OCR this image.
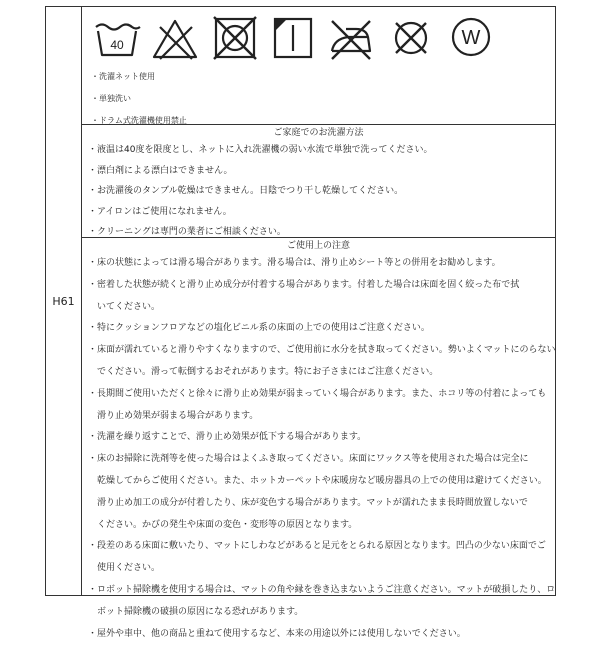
H61
40	W
・洗濯ネット使用
・単独洗い
・ドラム式洗濯機使用禁止
ご家庭でのお洗濯方法
・液温は40度を限度とし、ネットに入れ洗濯機の弱い水流で単独で洗ってください。
・漂白剤による漂白はできません。
・お洗濯後のタンブル乾燥はできません。日陰でつり干し乾燥してください。
・アイロンはご使用になれません。
・クリーニングは専門の業者にご相談ください。
ご使用上の注意
・床の状態によっては滑る場合があります。滑る場合は、滑り止めシート等との併用をお勧めします。
・密着した状態が続くと滑り止め成分が付着する場合があります。付着した場合は床面を固く絞った布で拭
　いてください。
・特にクッションフロアなどの塩化ビニル系の床面の上での使用はご注意ください。
・床面が濡れていると滑りやすくなりますので、ご使用前に水分を拭き取ってください。勢いよくマットにのらない
　でください。滑って転倒するおそれがあります。特にお子さまにはご注意ください。
・長期間ご使用いただくと徐々に滑り止め効果が弱まっていく場合があります。また、ホコリ等の付着によっても
　滑り止め効果が弱まる場合があります。
・洗濯を繰り返すことで、滑り止め効果が低下する場合があります。
・床のお掃除に洗剤等を使った場合はよくふき取ってください。床面にワックス等を使用された場合は完全に
　乾燥してからご使用ください。また、ホットカーペットや床暖房など暖房器具の上での使用は避けてください。
　滑り止め加工の成分が付着したり、床が変色する場合があります。マットが濡れたまま長時間放置しないで
　ください。かびの発生や床面の変色・変形等の原因となります。
・段差のある床面に敷いたり、マットにしわなどがあると足元をとられる原因となります。凹凸の少ない床面でご
　使用ください。
・ロボット掃除機を使用する場合は、マットの角や縁を巻き込まないようご注意ください。マットが破損したり、ロ
　ボット掃除機の破損の原因になる恐れがあります。
・屋外や車中、他の商品と重ねて使用するなど、本来の用途以外には使用しないでください。
